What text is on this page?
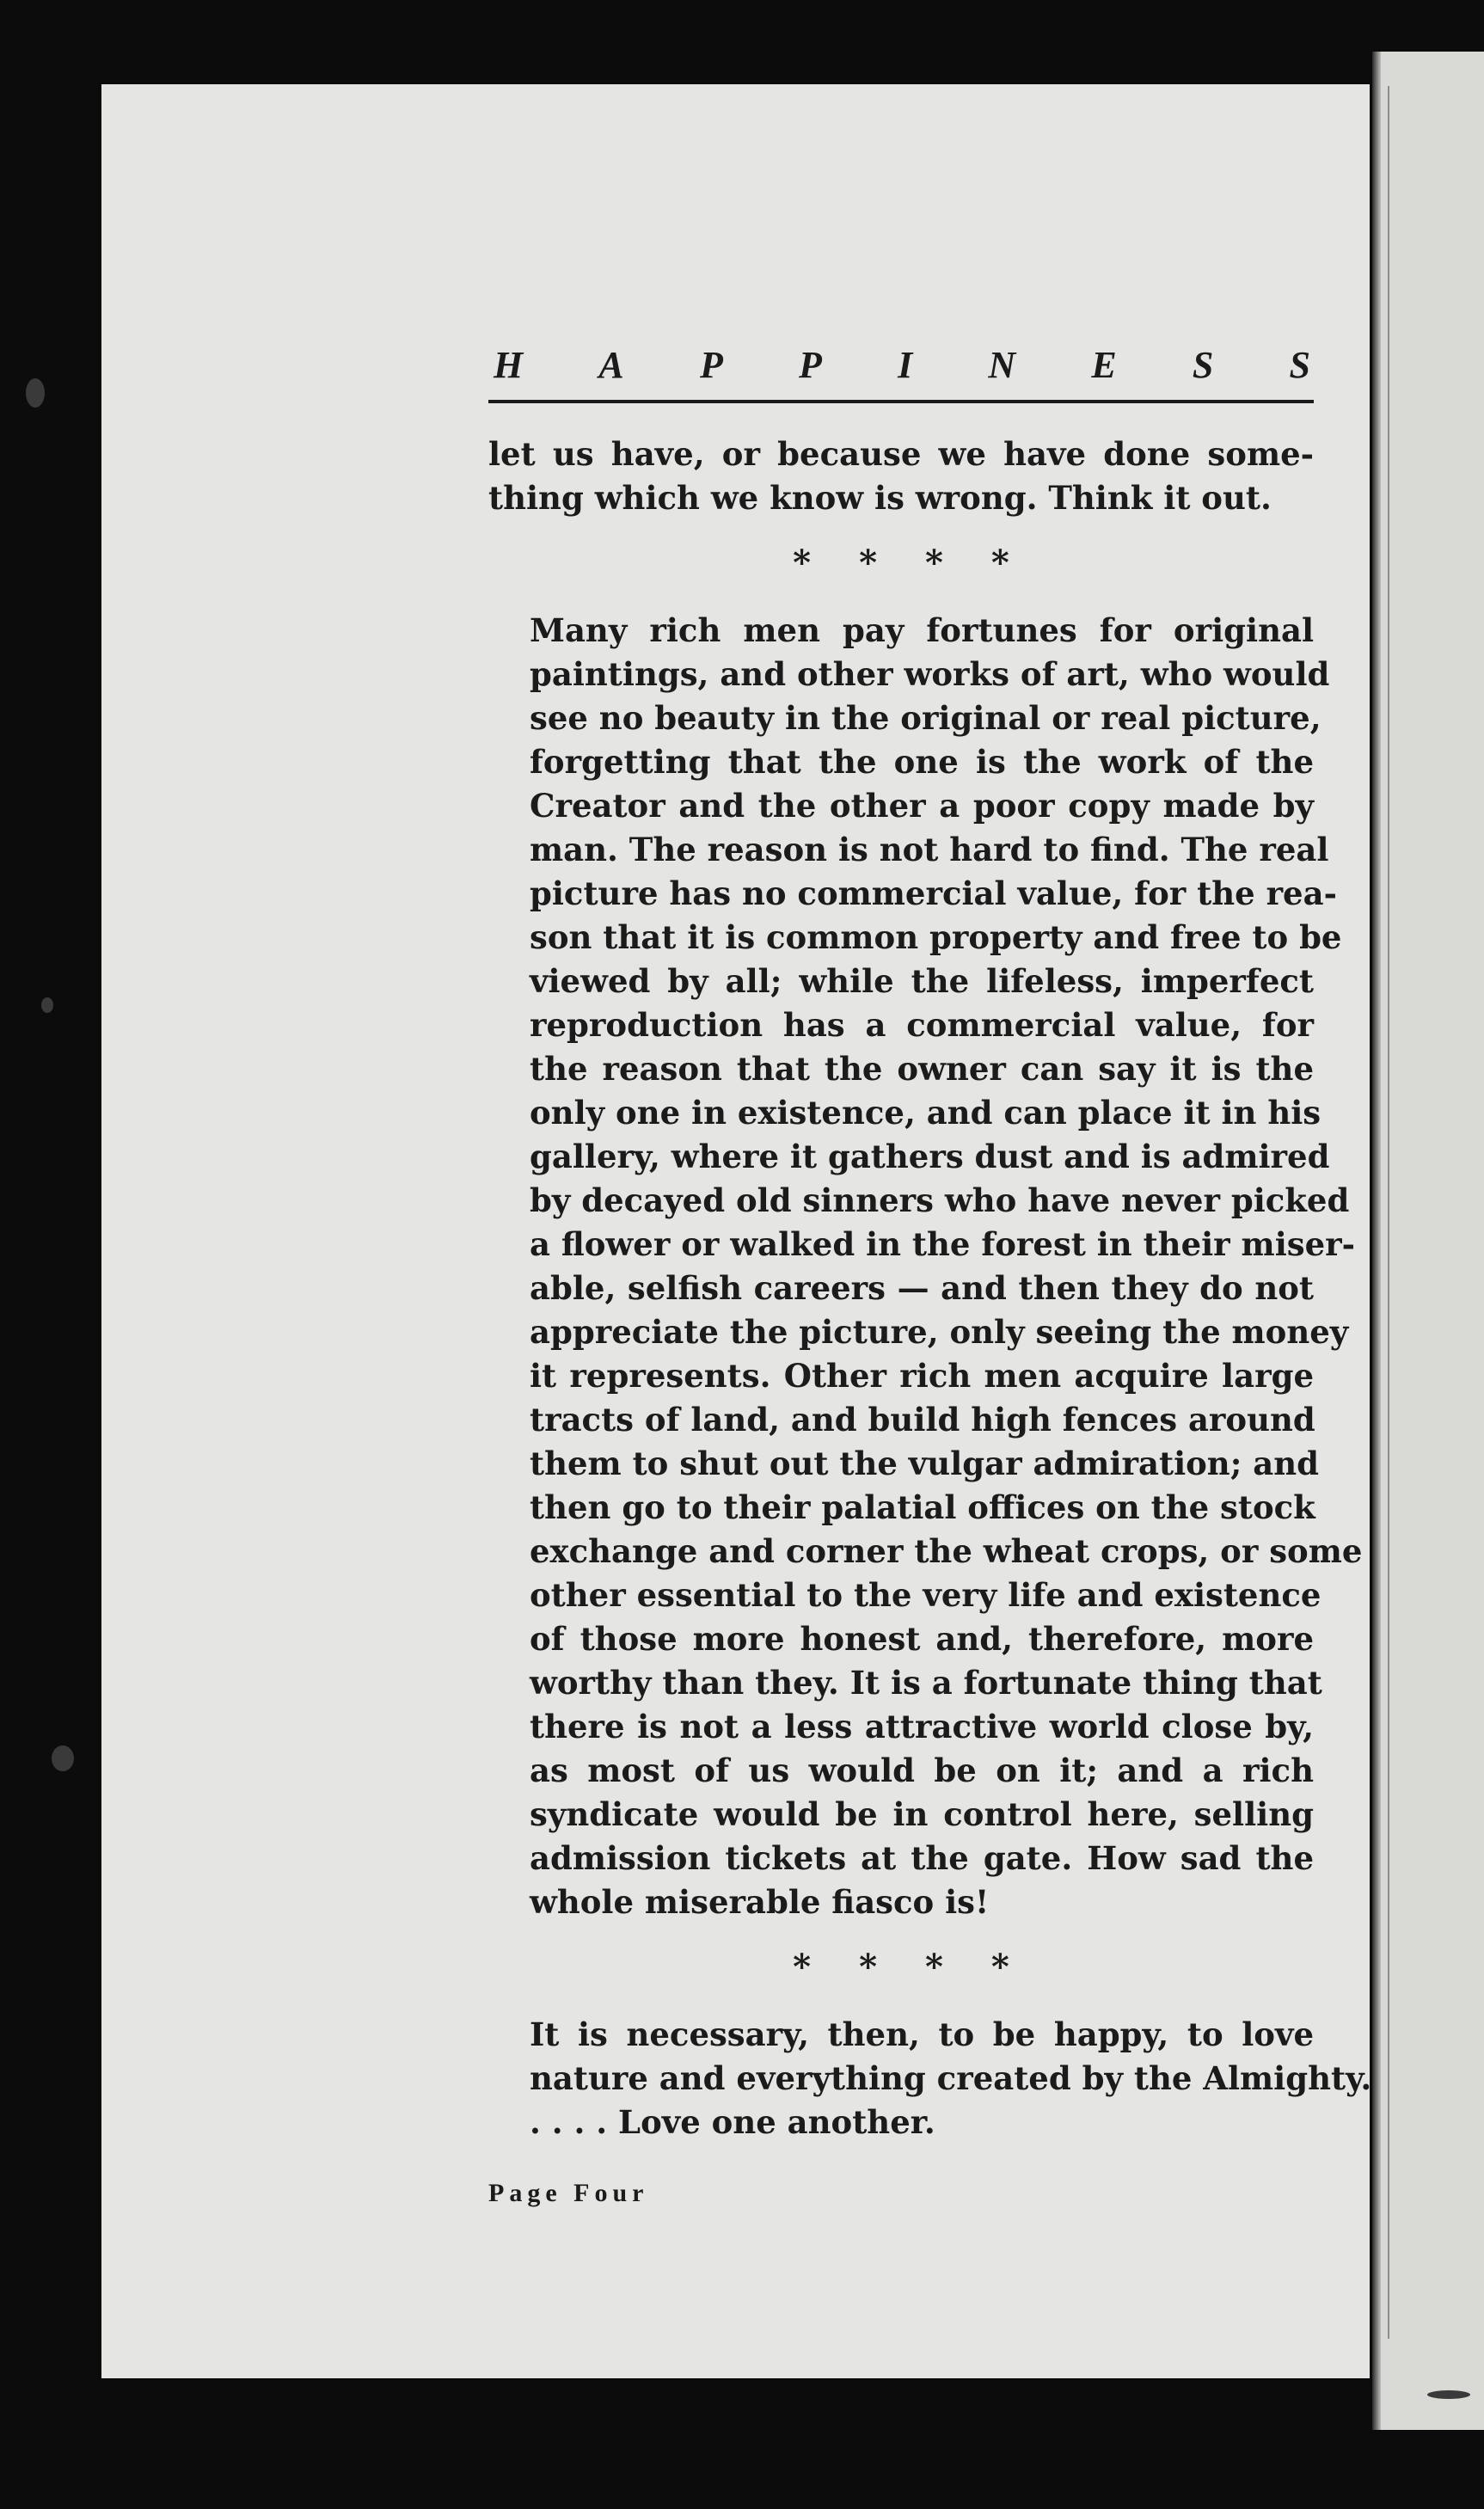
H A P P I N E S S
let us have, or because we have done some-
thing which we know is wrong. Think it out.
* * * *
Many rich men pay fortunes for original
paintings, and other works of art, who would
see no beauty in the original or real picture,
forgetting that the one is the work of the
Creator and the other a poor copy made by
man. The reason is not hard to find. The real
picture has no commercial value, for the rea-
son that it is common property and free to be
viewed by all; while the lifeless, imperfect
reproduction has a commercial value, for
the reason that the owner can say it is the
only one in existence, and can place it in his
gallery, where it gathers dust and is admired
by decayed old sinners who have never picked
a flower or walked in the forest in their miser-
able, selfish careers — and then they do not
appreciate the picture, only seeing the money
it represents. Other rich men acquire large
tracts of land, and build high fences around
them to shut out the vulgar admiration; and
then go to their palatial offices on the stock
exchange and corner the wheat crops, or some
other essential to the very life and existence
of those more honest and, therefore, more
worthy than they. It is a fortunate thing that
there is not a less attractive world close by,
as most of us would be on it; and a rich
syndicate would be in control here, selling
admission tickets at the gate. How sad the
whole miserable fiasco is!
* * * *
It is necessary, then, to be happy, to love
nature and everything created by the Almighty.
. . . . Love one another.
Page Four
